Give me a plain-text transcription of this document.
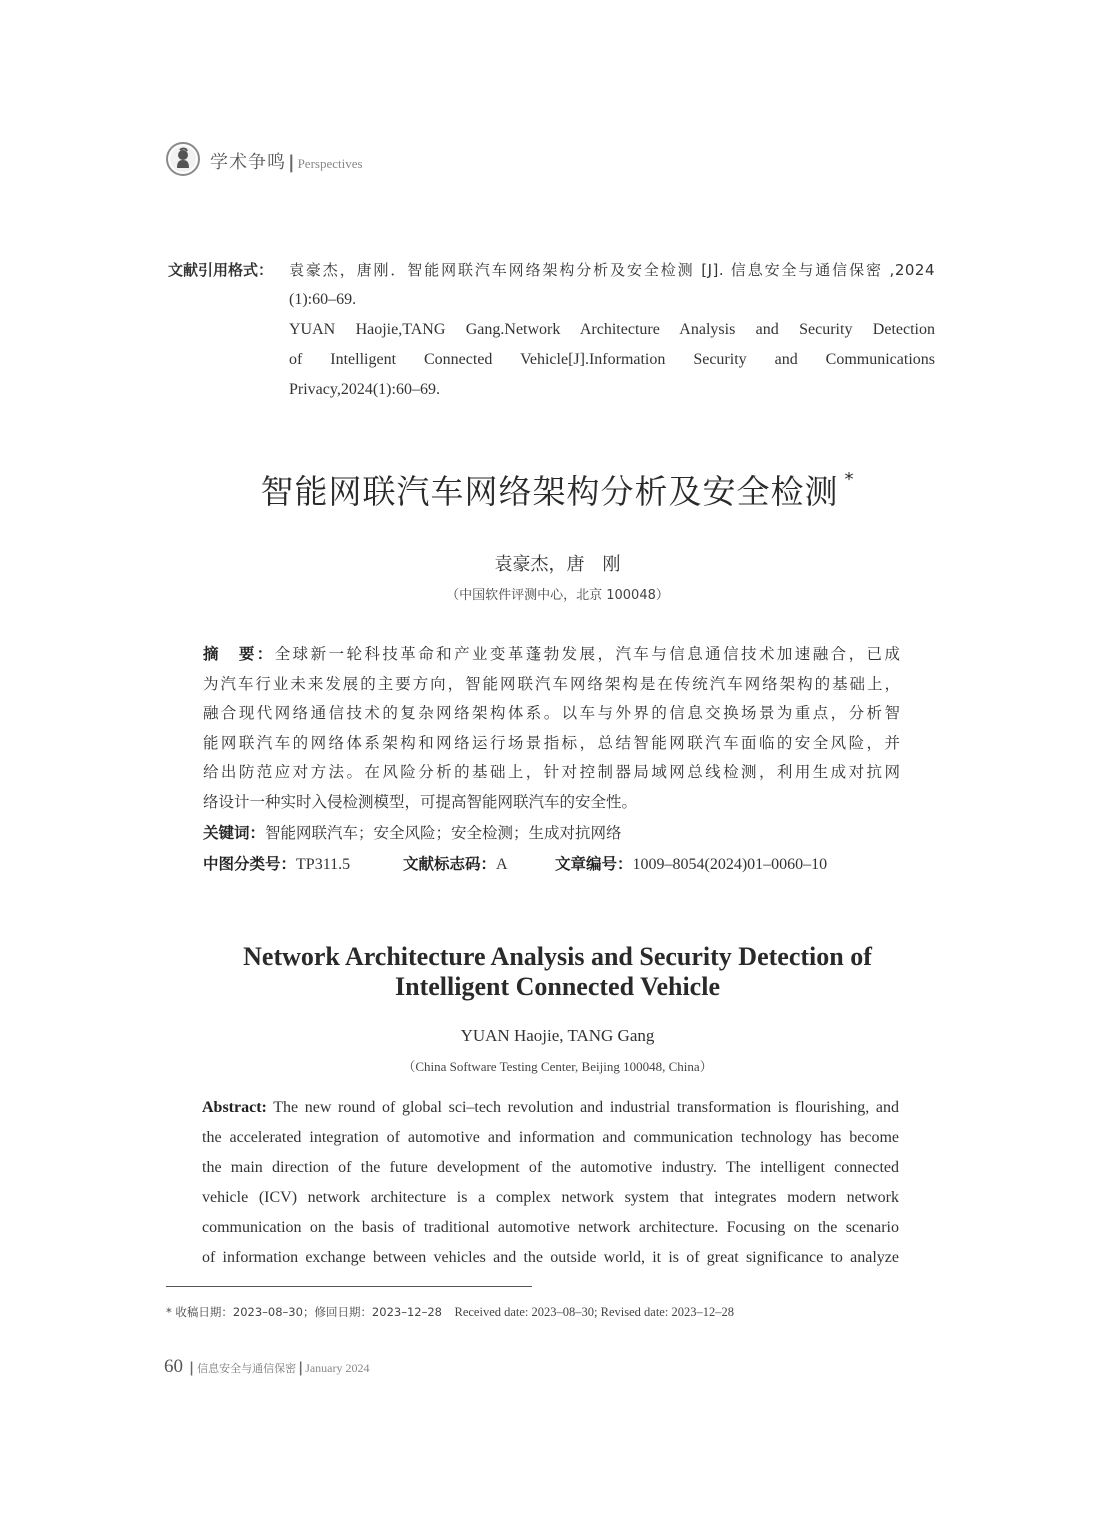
学术争鸣 | Perspectives
文献引用格式： 袁豪杰，唐刚．智能网联汽车网络架构分析及安全检测 [J]. 信息安全与通信保密 ,2024
(1):60–69.
YUAN Haojie,TANG Gang.Network Architecture Analysis and Security Detection
of Intelligent Connected Vehicle[J].Information Security and Communications
Privacy,2024(1):60–69.
智能网联汽车网络架构分析及安全检测 *
袁豪杰，唐　刚
（中国软件评测中心，北京 100048）
摘　要：全球新一轮科技革命和产业变革蓬勃发展，汽车与信息通信技术加速融合，已成
为汽车行业未来发展的主要方向，智能网联汽车网络架构是在传统汽车网络架构的基础上，
融合现代网络通信技术的复杂网络架构体系。以车与外界的信息交换场景为重点，分析智
能网联汽车的网络体系架构和网络运行场景指标，总结智能网联汽车面临的安全风险，并
给出防范应对方法。在风险分析的基础上，针对控制器局域网总线检测，利用生成对抗网
络设计一种实时入侵检测模型，可提高智能网联汽车的安全性。
关键词：智能网联汽车；安全风险；安全检测；生成对抗网络
中图分类号：TP311.5	文献标志码：A	文章编号：1009–8054(2024)01–0060–10
Network Architecture Analysis and Security Detection of
Intelligent Connected Vehicle
YUAN Haojie, TANG Gang
（China Software Testing Center, Beijing 100048, China）
Abstract: The new round of global sci–tech revolution and industrial transformation is flourishing, and
the accelerated integration of automotive and information and communication technology has become
the main direction of the future development of the automotive industry. The intelligent connected
vehicle (ICV) network architecture is a complex network system that integrates modern network
communication on the basis of traditional automotive network architecture. Focusing on the scenario
of information exchange between vehicles and the outside world, it is of great significance to analyze
* 收稿日期：2023–08–30；修回日期：2023–12–28 Received date: 2023–08–30; Revised date: 2023–12–28
60 | 信息安全与通信保密 | January 2024
